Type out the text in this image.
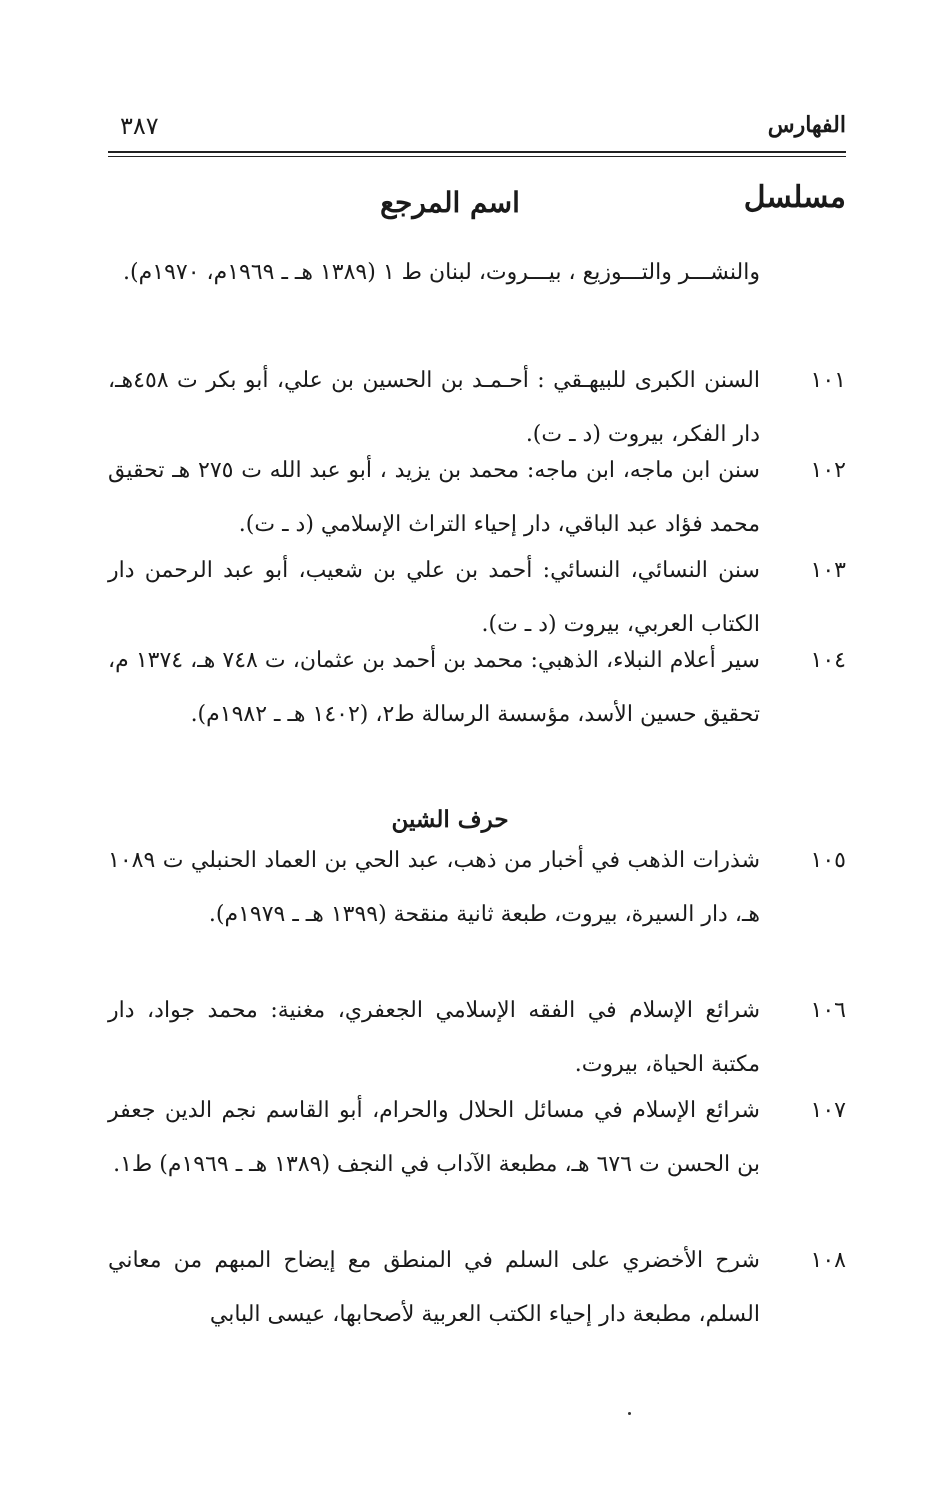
الفهارس
٣٨٧
مسلسل
اسم المرجع
والنشـــر والتـــوزيع ، بيـــروت، لبنان ط ١ (١٣٨٩ هـ ـ ١٩٦٩م، ١٩٧٠م).
١٠١
السنن الكبرى للبيهـقي : أحـمـد بن الحسين بن علي، أبو بكر ت ٤٥٨هـ، دار الفكر، بيروت (د ـ ت).
١٠٢
سنن ابن ماجه، ابن ماجه: محمد بن يزيد ، أبو عبد الله ت ٢٧٥ هـ تحقيق محمد فؤاد عبد الباقي، دار إحياء التراث الإسلامي (د ـ ت).
١٠٣
سنن النسائي، النسائي: أحمد بن علي بن شعيب، أبو عبد الرحمن دار الكتاب العربي، بيروت (د ـ ت).
١٠٤
سير أعلام النبلاء، الذهبي: محمد بن أحمد بن عثمان، ت ٧٤٨ هـ، ١٣٧٤ م، تحقيق حسين الأسد، مؤسسة الرسالة ط٢، (١٤٠٢ هـ ـ ١٩٨٢م).
حرف الشين
١٠٥
شذرات الذهب في أخبار من ذهب، عبد الحي بن العماد الحنبلي ت ١٠٨٩ هـ، دار السيرة، بيروت، طبعة ثانية منقحة (١٣٩٩ هـ ـ ١٩٧٩م).
١٠٦
شرائع الإسلام في الفقه الإسلامي الجعفري، مغنية: محمد جواد، دار مكتبة الحياة، بيروت.
١٠٧
شرائع الإسلام في مسائل الحلال والحرام، أبو القاسم نجم الدين جعفر بن الحسن ت ٦٧٦ هـ، مطبعة الآداب في النجف (١٣٨٩ هـ ـ ١٩٦٩م) ط١.
١٠٨
شرح الأخضري على السلم في المنطق مع إيضاح المبهم من معاني السلم، مطبعة دار إحياء الكتب العربية لأصحابها، عيسى البابي
